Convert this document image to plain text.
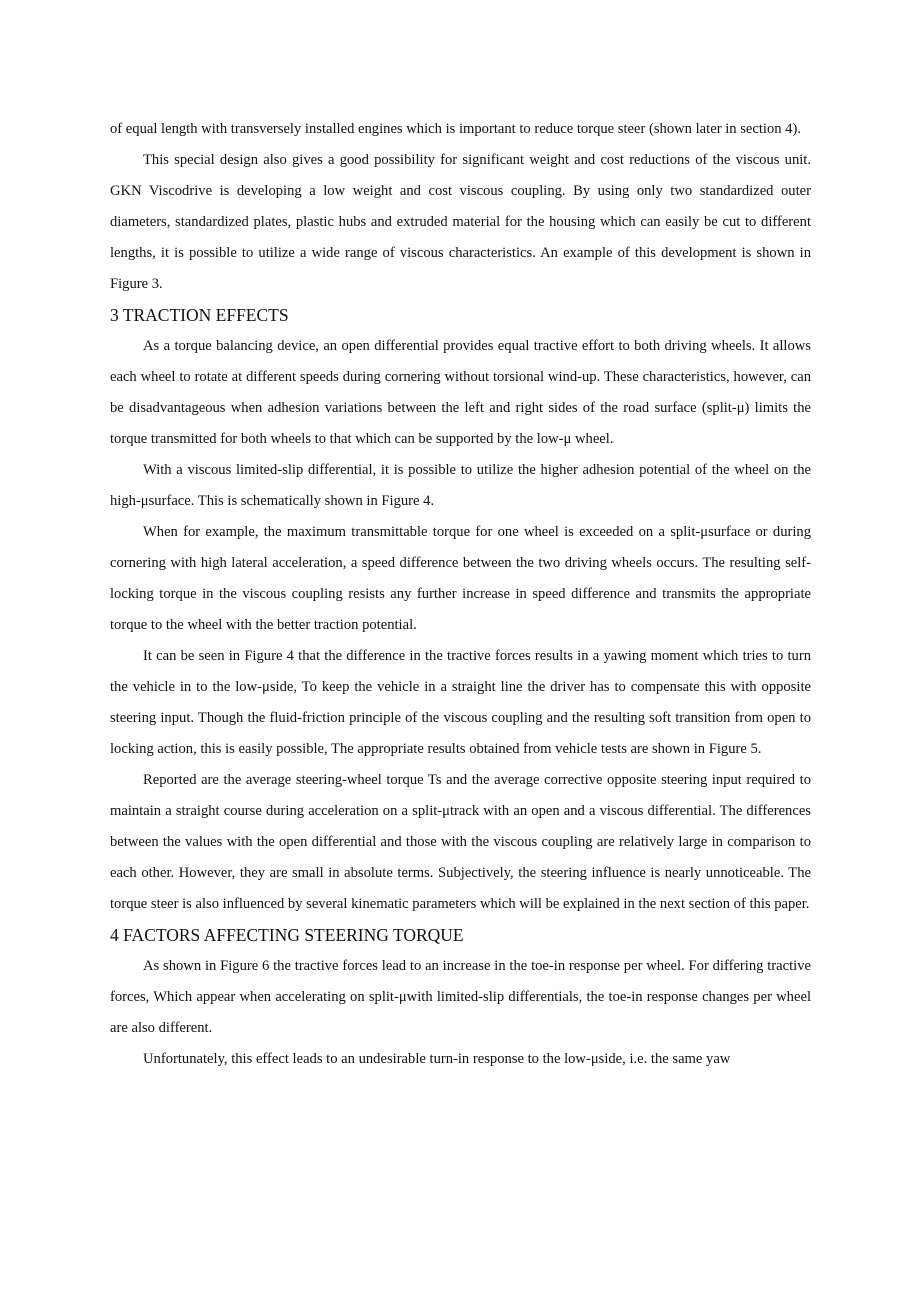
of equal length with transversely installed engines which is important to reduce torque steer (shown later in section 4).

This special design also gives a good possibility for significant weight and cost reductions of the viscous unit. GKN Viscodrive is developing a low weight and cost viscous coupling. By using only two standardized outer diameters, standardized plates, plastic hubs and extruded material for the housing which can easily be cut to different lengths, it is possible to utilize a wide range of viscous characteristics. An example of this development is shown in Figure 3.

3 TRACTION EFFECTS

As a torque balancing device, an open differential provides equal tractive effort to both driving wheels. It allows each wheel to rotate at different speeds during cornering without torsional wind-up. These characteristics, however, can be disadvantageous when adhesion variations between the left and right sides of the road surface (split-μ) limits the torque transmitted for both wheels to that which can be supported by the low-μ wheel.

With a viscous limited-slip differential, it is possible to utilize the higher adhesion potential of the wheel on the high-μsurface. This is schematically shown in Figure 4.

When for example, the maximum transmittable torque for one wheel is exceeded on a split-μsurface or during cornering with high lateral acceleration, a speed difference between the two driving wheels occurs. The resulting self-locking torque in the viscous coupling resists any further increase in speed difference and transmits the appropriate torque to the wheel with the better traction potential.

It can be seen in Figure 4 that the difference in the tractive forces results in a yawing moment which tries to turn the vehicle in to the low-μside, To keep the vehicle in a straight line the driver has to compensate this with opposite steering input. Though the fluid-friction principle of the viscous coupling and the resulting soft transition from open to locking action, this is easily possible, The appropriate results obtained from vehicle tests are shown in Figure 5.

Reported are the average steering-wheel torque Ts and the average corrective opposite steering input required to maintain a straight course during acceleration on a split-μtrack with an open and a viscous differential. The differences between the values with the open differential and those with the viscous coupling are relatively large in comparison to each other. However, they are small in absolute terms. Subjectively, the steering influence is nearly unnoticeable. The torque steer is also influenced by several kinematic parameters which will be explained in the next section of this paper.

4 FACTORS AFFECTING STEERING TORQUE

As shown in Figure 6 the tractive forces lead to an increase in the toe-in response per wheel. For differing tractive forces, Which appear when accelerating on split-μwith limited-slip differentials, the toe-in response changes per wheel are also different.

Unfortunately, this effect leads to an undesirable turn-in response to the low-μside, i.e. the same yaw
